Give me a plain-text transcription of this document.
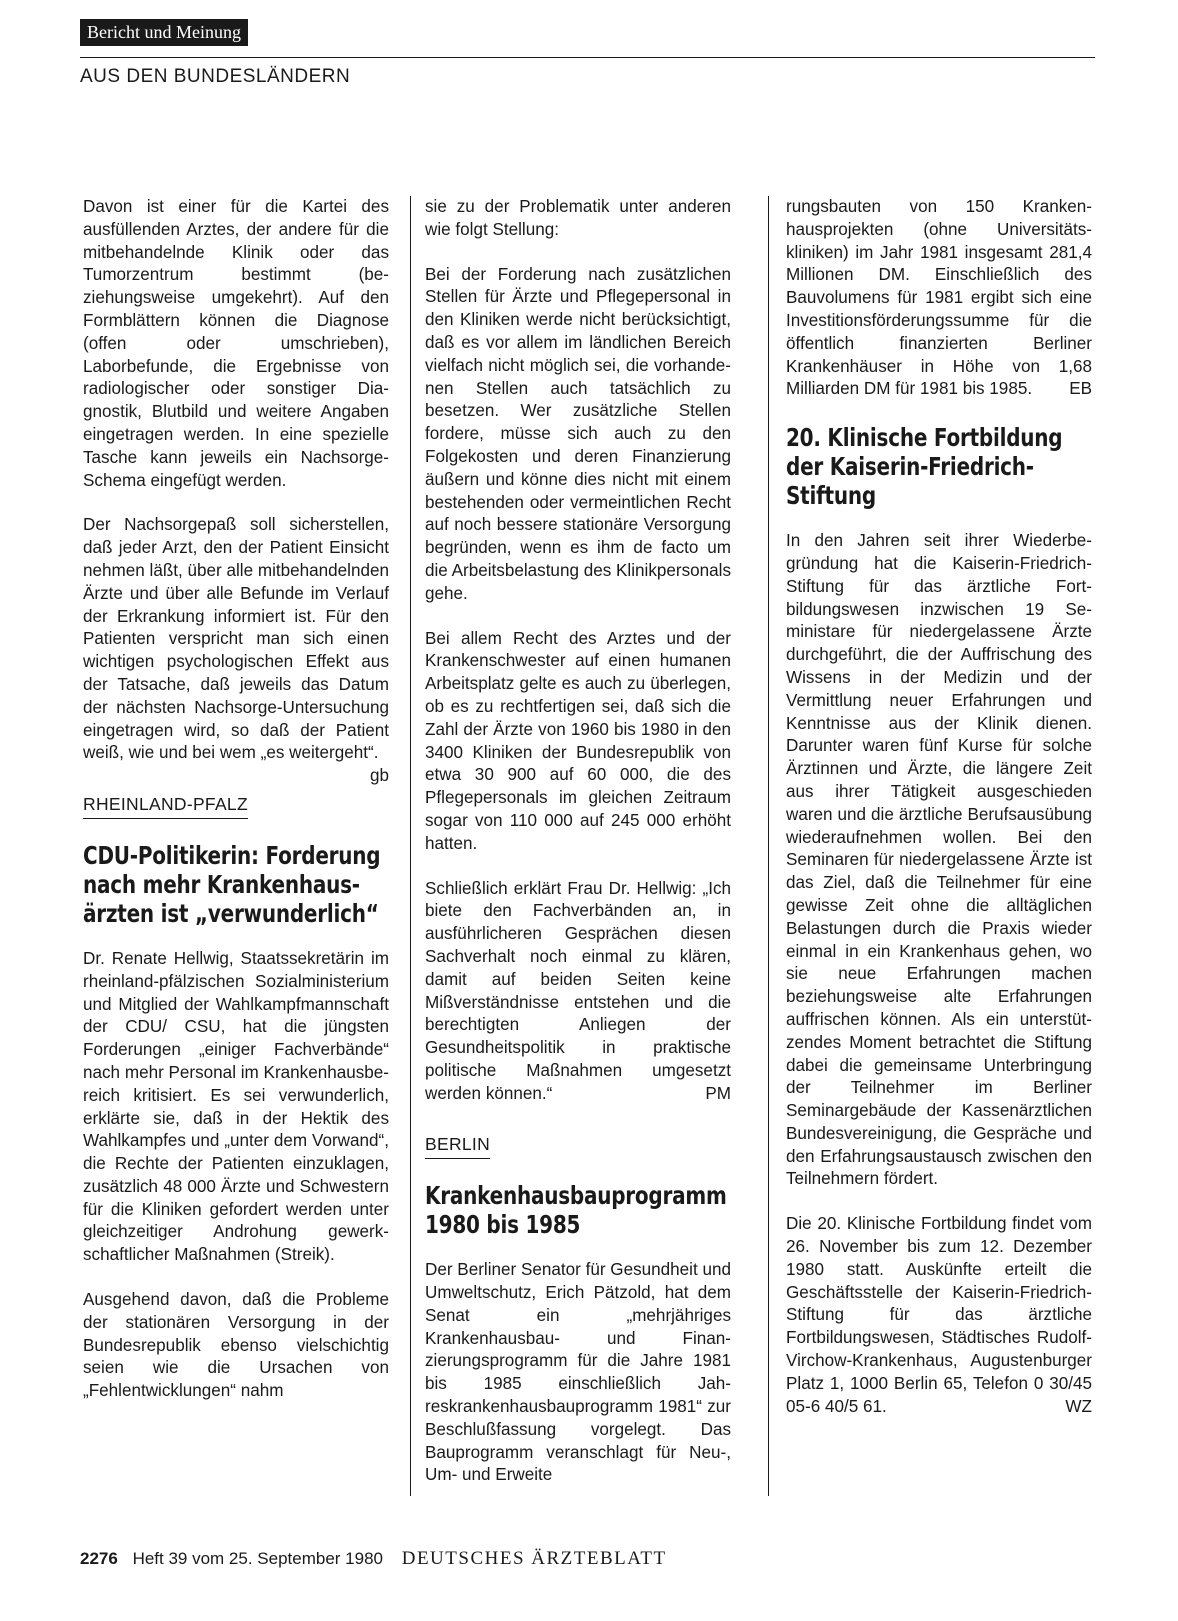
Bericht und Meinung
AUS DEN BUNDESLÄNDERN

Davon ist einer für die Kartei des ausfüllenden Arztes, der andere für die mitbehandelnde Klinik oder das Tumorzentrum bestimmt (beziehungsweise umgekehrt). Auf den Formblättern können die Diagnose (offen oder umschrieben), Laborbefunde, die Ergebnisse von radiologischer oder sonstiger Diagnostik, Blutbild und weitere Angaben eingetragen werden. In eine spezielle Tasche kann jeweils ein Nachsorge-Schema eingefügt werden.

Der Nachsorgepaß soll sicherstellen, daß jeder Arzt, den der Patient Einsicht nehmen läßt, über alle mitbehandelnden Ärzte und über alle Befunde im Verlauf der Erkrankung informiert ist. Für den Patienten verspricht man sich einen wichtigen psychologischen Effekt aus der Tatsache, daß jeweils das Datum der nächsten Nachsorge-Untersuchung eingetragen wird, so daß der Patient weiß, wie und bei wem „es weitergeht“.
gb

RHEINLAND-PFALZ
CDU-Politikerin: Forderung nach mehr Krankenhausärzten ist „verwunderlich“

Dr. Renate Hellwig, Staatssekretärin im rheinland-pfälzischen Sozialministerium und Mitglied der Wahlkampfmannschaft der CDU/ CSU, hat die jüngsten Forderungen „einiger Fachverbände“ nach mehr Personal im Krankenhausbereich kritisiert. Es sei verwunderlich, erklärte sie, daß in der Hektik des Wahlkampfes und „unter dem Vorwand“, die Rechte der Patienten einzuklagen, zusätzlich 48 000 Ärzte und Schwestern für die Kliniken gefordert werden unter gleichzeitiger Androhung gewerkschaftlicher Maßnahmen (Streik).

Ausgehend davon, daß die Probleme der stationären Versorgung in der Bundesrepublik ebenso vielschichtig seien wie die Ursachen von „Fehlentwicklungen“ nahm

sie zu der Problematik unter anderen wie folgt Stellung:

Bei der Forderung nach zusätzlichen Stellen für Ärzte und Pflegepersonal in den Kliniken werde nicht berücksichtigt, daß es vor allem im ländlichen Bereich vielfach nicht möglich sei, die vorhandenen Stellen auch tatsächlich zu besetzen. Wer zusätzliche Stellen fordere, müsse sich auch zu den Folgekosten und deren Finanzierung äußern und könne dies nicht mit einem bestehenden oder vermeintlichen Recht auf noch bessere stationäre Versorgung begründen, wenn es ihm de facto um die Arbeitsbelastung des Klinikpersonals gehe.

Bei allem Recht des Arztes und der Krankenschwester auf einen humanen Arbeitsplatz gelte es auch zu überlegen, ob es zu rechtfertigen sei, daß sich die Zahl der Ärzte von 1960 bis 1980 in den 3400 Kliniken der Bundesrepublik von etwa 30 900 auf 60 000, die des Pflegepersonals im gleichen Zeitraum sogar von 110 000 auf 245 000 erhöht hatten.

Schließlich erklärt Frau Dr. Hellwig: „Ich biete den Fachverbänden an, in ausführlicheren Gesprächen diesen Sachverhalt noch einmal zu klären, damit auf beiden Seiten keine Mißverständnisse entstehen und die berechtigten Anliegen der Gesundheitspolitik in praktische politische Maßnahmen umgesetzt werden können.“	PM

BERLIN
Krankenhausbauprogramm 1980 bis 1985

Der Berliner Senator für Gesundheit und Umweltschutz, Erich Pätzold, hat dem Senat ein „mehrjähriges Krankenhausbau- und Finanzierungsprogramm für die Jahre 1981 bis 1985 einschließlich Jahreskrankenhausbauprogramm 1981“ zur Beschlußfassung vorgelegt. Das Bauprogramm veranschlagt für Neu-, Um- und Erweite

rungsbauten von 150 Krankenhausprojekten (ohne Universitätskliniken) im Jahr 1981 insgesamt 281,4 Millionen DM. Einschließlich des Bauvolumens für 1981 ergibt sich eine Investitionsförderungssumme für die öffentlich finanzierten Berliner Krankenhäuser in Höhe von 1,68 Milliarden DM für 1981 bis 1985. EB

20. Klinische Fortbildung der Kaiserin-Friedrich-Stiftung

In den Jahren seit ihrer Wiederbegründung hat die Kaiserin-Friedrich-Stiftung für das ärztliche Fortbildungswesen inzwischen 19 Seministare für niedergelassene Ärzte durchgeführt, die der Auffrischung des Wissens in der Medizin und der Vermittlung neuer Erfahrungen und Kenntnisse aus der Klinik dienen. Darunter waren fünf Kurse für solche Ärztinnen und Ärzte, die längere Zeit aus ihrer Tätigkeit ausgeschieden waren und die ärztliche Berufsausübung wiederaufnehmen wollen. Bei den Seminaren für niedergelassene Ärzte ist das Ziel, daß die Teilnehmer für eine gewisse Zeit ohne die alltäglichen Belastungen durch die Praxis wieder einmal in ein Krankenhaus gehen, wo sie neue Erfahrungen machen beziehungsweise alte Erfahrungen auffrischen können. Als ein unterstützendes Moment betrachtet die Stiftung dabei die gemeinsame Unterbringung der Teilnehmer im Berliner Seminargebäude der Kassenärztlichen Bundesvereinigung, die Gespräche und den Erfahrungsaustausch zwischen den Teilnehmern fördert.

Die 20. Klinische Fortbildung findet vom 26. November bis zum 12. Dezember 1980 statt. Auskünfte erteilt die Geschäftsstelle der Kaiserin-Friedrich-Stiftung für das ärztliche Fortbildungswesen, Städtisches Rudolf-Virchow-Krankenhaus, Augustenburger Platz 1, 1000 Berlin 65, Telefon 0 30/45 05-6 40/5 61.	WZ

2276 Heft 39 vom 25. September 1980 DEUTSCHES ÄRZTEBLATT
